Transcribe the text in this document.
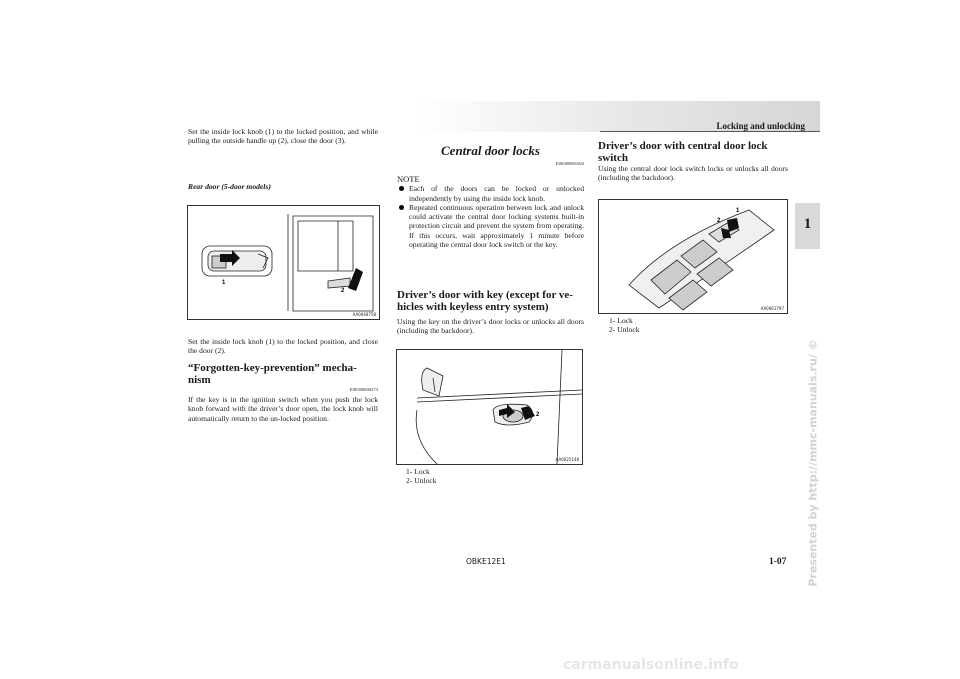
Locking and unlocking
1
Presented by http://mmc-manuals.ru/ ©
Set the inside lock knob (1) to the locked position, and while pulling the outside handle up (2), close the door (3).
Rear door (5-door models)
1
2
AA0048758
Set the inside lock knob (1) to the locked position, and close the door (2).
“Forgotten-key-prevention” mecha-nism
E00300600273
If the key is in the ignition switch when you push the lock knob forward with the driver’s door open, the lock knob will automatically return to the un-locked position.
Central door locks
E00300801692
NOTE
Each of the doors can be locked or unlocked independently by using the inside lock knob.
Repeated continuous operation between lock and unlock could activate the central door locking systems built-in protection circuit and prevent the system from operating. If this occurs, wait approximately 1 minute before operating the central door lock switch or the key.
Driver’s door with key (except for ve-hicles with keyless entry system)
Using the key on the driver’s door locks or unlocks all doors (including the backdoor).
1	2
AA0025148
1- Lock
2- Unlock
Driver’s door with central door lock switch
Using the central door lock switch locks or unlocks all doors (including the backdoor).
1
2
AA0061797
1- Lock
2- Unlock
OBKE12E1	1-07
carmanualsonline.info
